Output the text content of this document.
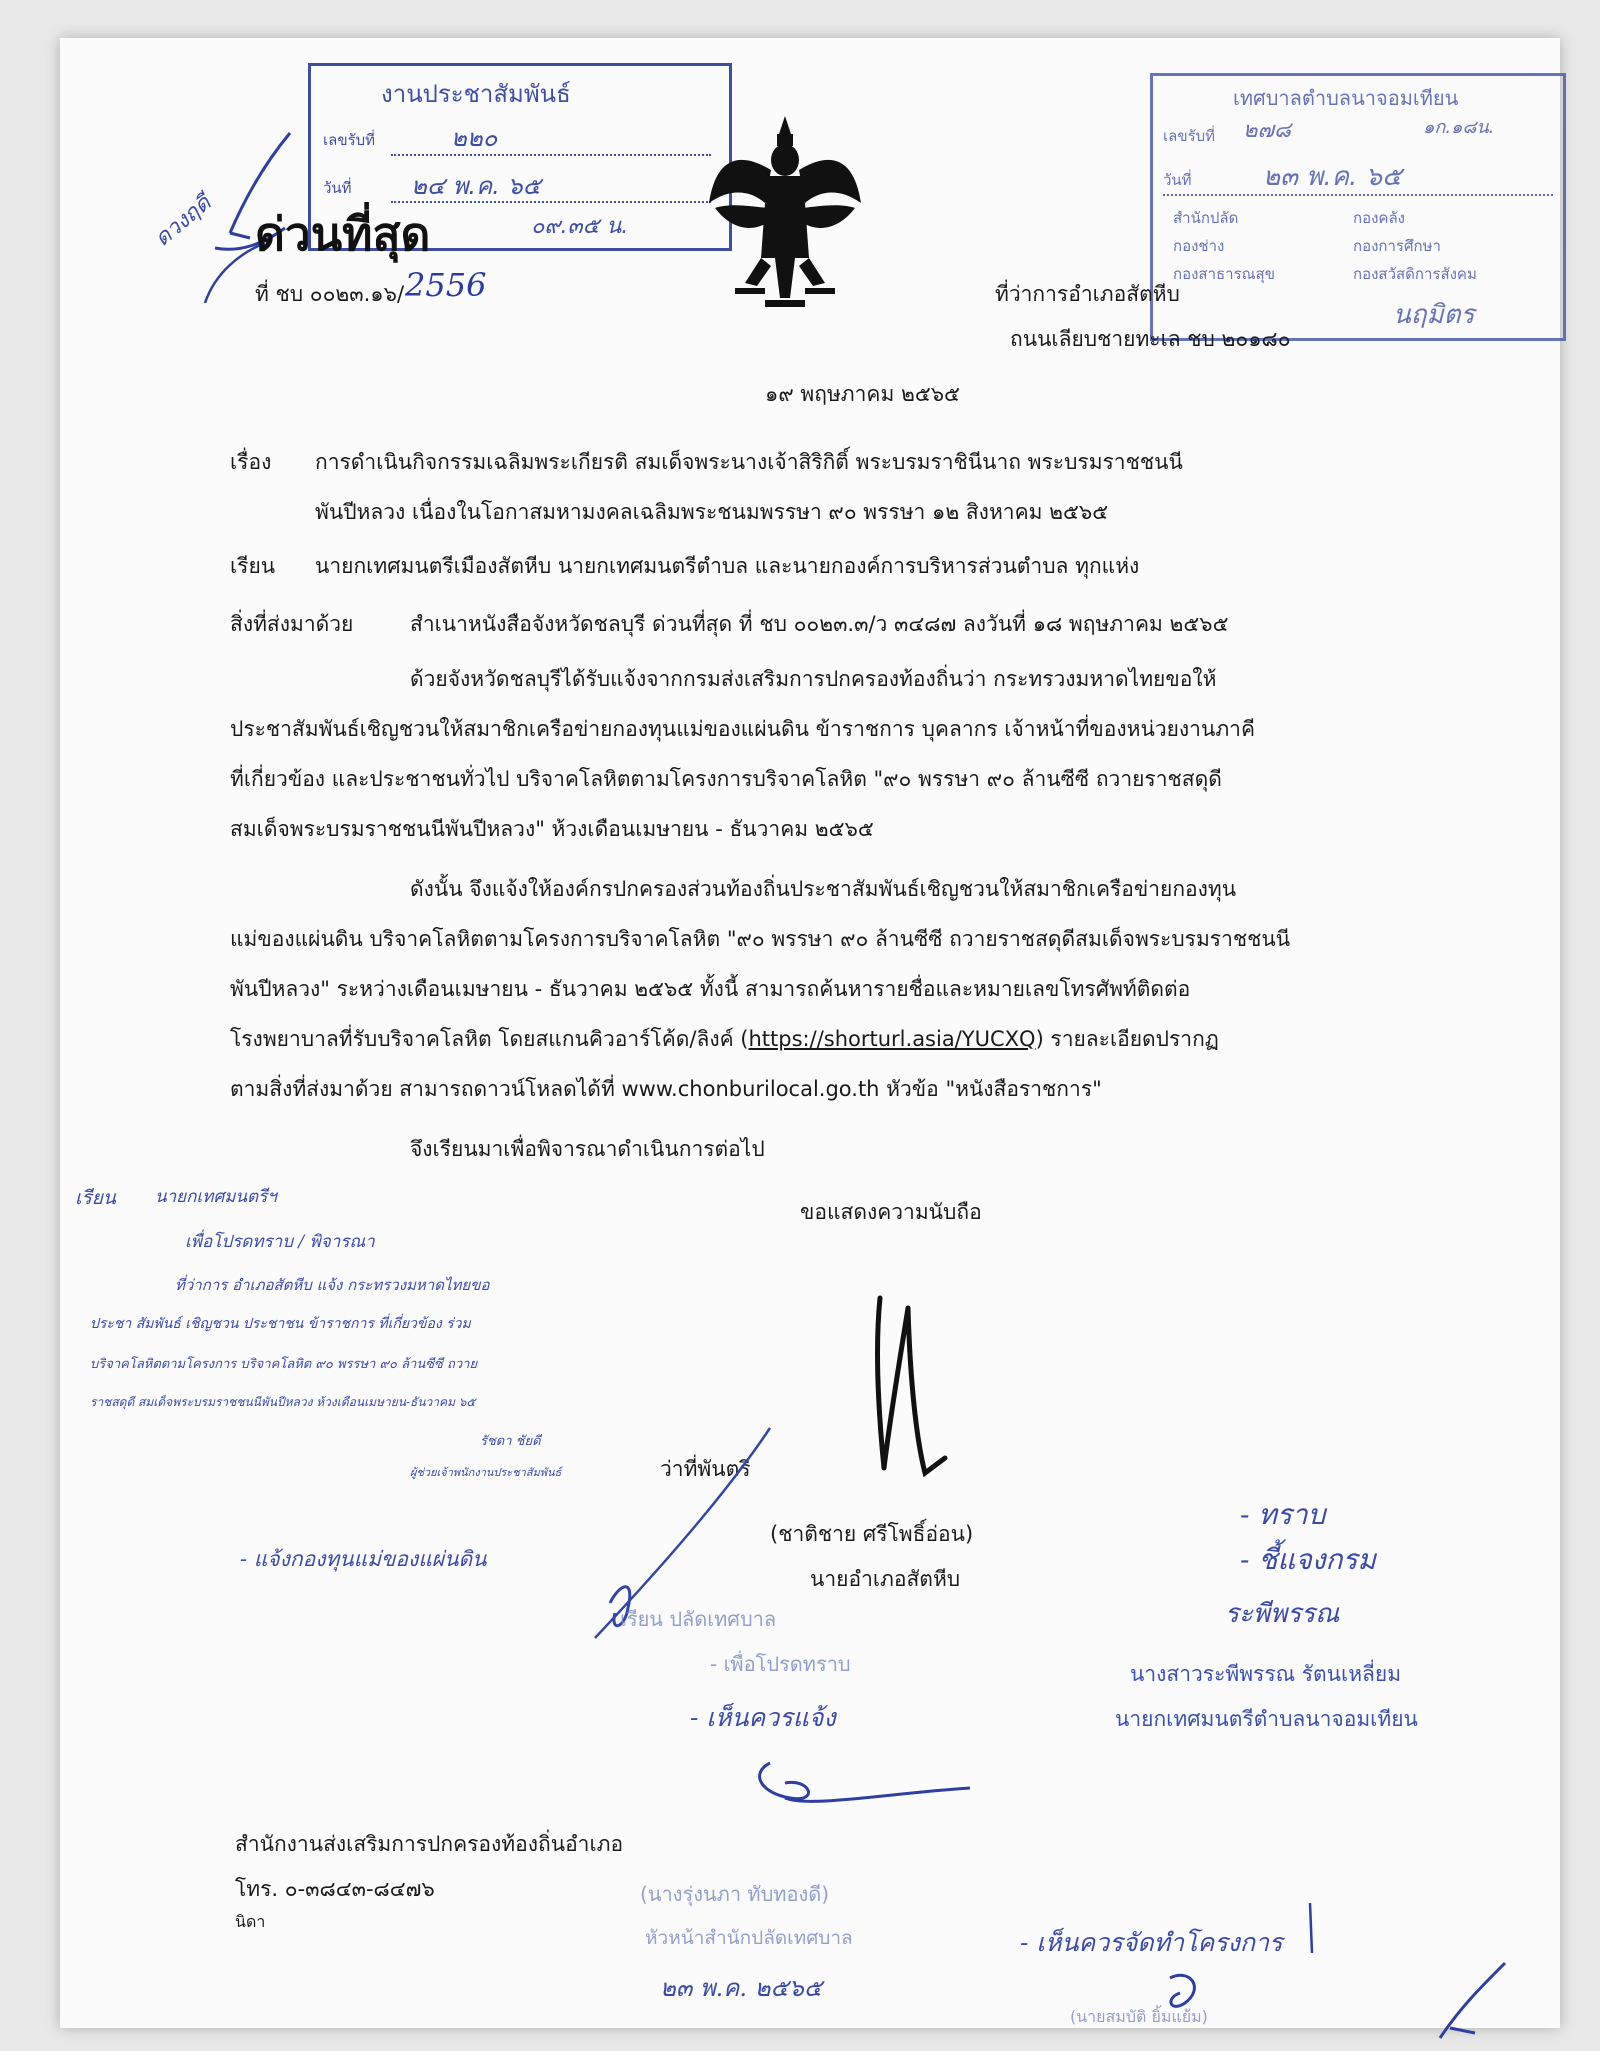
ดวงฤดี
งานประชาสัมพันธ์
เลขรับที่	๒๒๐
วันที่ ๒๔ พ.ค. ๖๕
๐๙.๓๕ น.
ด่วนที่สุด
ที่ ชบ ๐๐๒๓.๑๖/ 2556
เทศบาลตำบลนาจอมเทียน
เลขรับที่ ๒๗๘	๑ก.๑๘น.
วันที่	๒๓ พ.ค. ๖๕
สำนักปลัด	กองคลัง
กองช่าง	กองการศึกษา
กองสาธารณสุข	กองสวัสดิการสังคม
นฤมิตร
ที่ว่าการอำเภอสัตหีบ
ถนนเลียบชายทะเล ชบ ๒๐๑๘๐
๑๙ พฤษภาคม ๒๕๖๕
เรื่อง การดำเนินกิจกรรมเฉลิมพระเกียรติ สมเด็จพระนางเจ้าสิริกิติ์ พระบรมราชินีนาถ พระบรมราชชนนี
พันปีหลวง เนื่องในโอกาสมหามงคลเฉลิมพระชนมพรรษา ๙๐ พรรษา ๑๒ สิงหาคม ๒๕๖๕
เรียน นายกเทศมนตรีเมืองสัตหีบ นายกเทศมนตรีตำบล และนายกองค์การบริหารส่วนตำบล ทุกแห่ง
สิ่งที่ส่งมาด้วย	สำเนาหนังสือจังหวัดชลบุรี ด่วนที่สุด ที่ ชบ ๐๐๒๓.๓/ว ๓๔๘๗ ลงวันที่ ๑๘ พฤษภาคม ๒๕๖๕
ด้วยจังหวัดชลบุรีได้รับแจ้งจากกรมส่งเสริมการปกครองท้องถิ่นว่า กระทรวงมหาดไทยขอให้
ประชาสัมพันธ์เชิญชวนให้สมาชิกเครือข่ายกองทุนแม่ของแผ่นดิน ข้าราชการ บุคลากร เจ้าหน้าที่ของหน่วยงานภาคี
ที่เกี่ยวข้อง และประชาชนทั่วไป บริจาคโลหิตตามโครงการบริจาคโลหิต "๙๐ พรรษา ๙๐ ล้านซีซี ถวายราชสดุดี
สมเด็จพระบรมราชชนนีพันปีหลวง" ห้วงเดือนเมษายน - ธันวาคม ๒๕๖๕
ดังนั้น จึงแจ้งให้องค์กรปกครองส่วนท้องถิ่นประชาสัมพันธ์เชิญชวนให้สมาชิกเครือข่ายกองทุน
แม่ของแผ่นดิน บริจาคโลหิตตามโครงการบริจาคโลหิต "๙๐ พรรษา ๙๐ ล้านซีซี ถวายราชสดุดีสมเด็จพระบรมราชชนนี
พันปีหลวง" ระหว่างเดือนเมษายน - ธันวาคม ๒๕๖๕ ทั้งนี้ สามารถค้นหารายชื่อและหมายเลขโทรศัพท์ติดต่อ
โรงพยาบาลที่รับบริจาคโลหิต โดยสแกนคิวอาร์โค้ด/ลิงค์ (https://shorturl.asia/YUCXQ) รายละเอียดปรากฏ
ตามสิ่งที่ส่งมาด้วย สามารถดาวน์โหลดได้ที่ www.chonburilocal.go.th หัวข้อ "หนังสือราชการ"
จึงเรียนมาเพื่อพิจารณาดำเนินการต่อไป
ขอแสดงความนับถือ
(ชาติชาย ศรีโพธิ์อ่อน)
นายอำเภอสัตหีบ
เรียน นายกเทศมนตรีฯ
เพื่อโปรดทราบ / พิจารณา
ที่ว่าการ อำเภอสัตหีบ แจ้ง กระทรวงมหาดไทยขอ
ประชา สัมพันธ์ เชิญชวน ประชาชน ข้าราชการ ที่เกี่ยวข้อง ร่วม
บริจาคโลหิตตามโครงการ บริจาคโลหิต ๙๐ พรรษา ๙๐ ล้านซีซี ถวาย
ราชสดุดี สมเด็จพระบรมราชชนนีพันปีหลวง ห้วงเดือนเมษายน-ธันวาคม ๖๕
รัชดา ชัยดี
ผู้ช่วยเจ้าพนักงานประชาสัมพันธ์	ว่าที่พันตรี
- แจ้งกองทุนแม่ของแผ่นดิน
- ทราบ
- ชี้แจงกรม
ระพีพรรณ
นางสาวระพีพรรณ รัตนเหลี่ยม
นายกเทศมนตรีตำบลนาจอมเทียน
เรียน ปลัดเทศบาล
- เพื่อโปรดทราบ
- เห็นควรแจ้ง
(นางรุ่งนภา ทับทองดี)
หัวหน้าสำนักปลัดเทศบาล
๒๓ พ.ค. ๒๕๖๕
- เห็นควรจัดทำโครงการ
(นายสมบัติ ยิ้มแย้ม)
สำนักงานส่งเสริมการปกครองท้องถิ่นอำเภอ
โทร. ๐-๓๘๔๓-๘๔๗๖
นิดา
